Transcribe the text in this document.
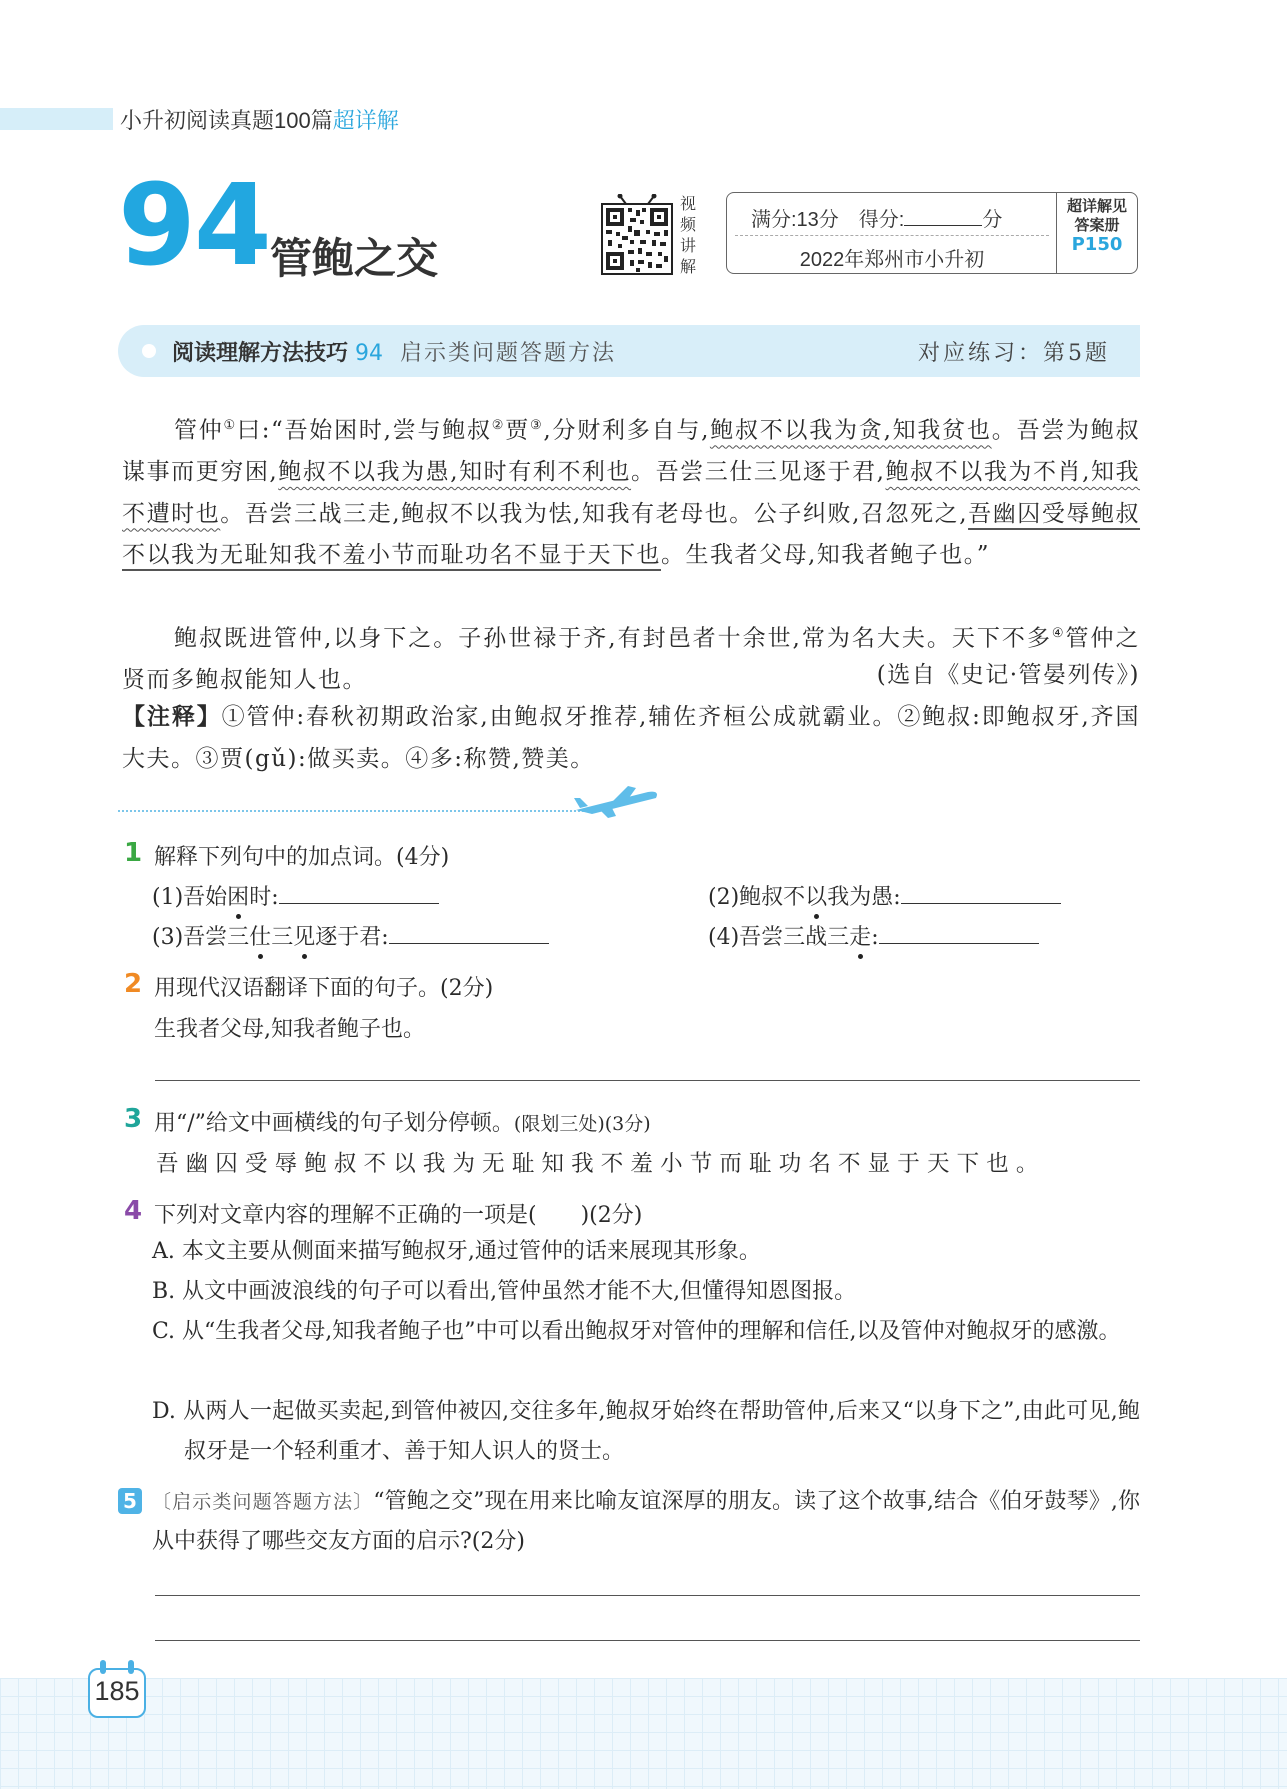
小升初阅读真题100篇超详解
94 管鲍之交
视
频
讲
解
满分:13分　得分:	分
2022年郑州市小升初
超详解见
答案册
P150
阅读理解方法技巧 94 启示类问题答题方法	对应练习：第5题
管仲①曰:“吾始困时,尝与鲍叔②贾③,分财利多自与,鲍叔不以我为贪,知我贫也。吾尝为鲍叔谋事而更穷困,鲍叔不以我为愚,知时有利不利也。吾尝三仕三见逐于君,鲍叔不以我为不肖,知我不遭时也。吾尝三战三走,鲍叔不以我为怯,知我有老母也。公子纠败,召忽死之,吾幽囚受辱鲍叔不以我为无耻知我不羞小节而耻功名不显于天下也。生我者父母,知我者鲍子也。”
鲍叔既进管仲,以身下之。子孙世禄于齐,有封邑者十余世,常为名大夫。天下不多④管仲之贤而多鲍叔能知人也。	(选自《史记·管晏列传》)
【注释】①管仲:春秋初期政治家,由鲍叔牙推荐,辅佐齐桓公成就霸业。②鲍叔:即鲍叔牙,齐国大夫。③贾(gǔ):做买卖。④多:称赞,赞美。
1 解释下列句中的加点词。(4分)
(1)吾始困时:	(2)鲍叔不以我为愚:
(3)吾尝三仕三见逐于君:	(4)吾尝三战三走:
2 用现代汉语翻译下面的句子。(2分)
生我者父母,知我者鲍子也。
3 用“/”给文中画横线的句子划分停顿。(限划三处)(3分)
吾 幽 囚 受 辱 鲍 叔 不 以 我 为 无 耻 知 我 不 羞 小 节 而 耻 功 名 不 显 于 天 下 也 。
4 下列对文章内容的理解不正确的一项是(　　)(2分)
A. 本文主要从侧面来描写鲍叔牙,通过管仲的话来展现其形象。
B. 从文中画波浪线的句子可以看出,管仲虽然才能不大,但懂得知恩图报。
C. 从“生我者父母,知我者鲍子也”中可以看出鲍叔牙对管仲的理解和信任,以及管仲对鲍叔牙的感激。
D. 从两人一起做买卖起,到管仲被囚,交往多年,鲍叔牙始终在帮助管仲,后来又“以身下之”,由此可见,鲍叔牙是一个轻利重才、善于知人识人的贤士。
5 〔启示类问题答题方法〕“管鲍之交”现在用来比喻友谊深厚的朋友。读了这个故事,结合《伯牙鼓琴》,你从中获得了哪些交友方面的启示?(2分)
185
